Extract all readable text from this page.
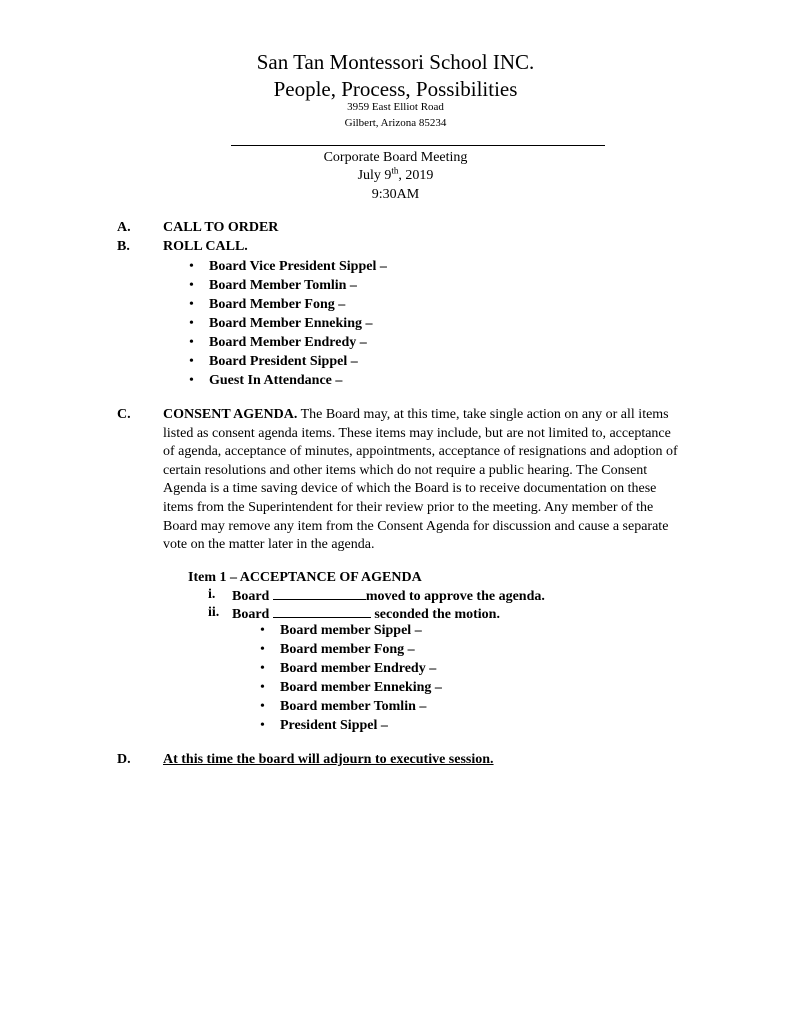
San Tan Montessori School INC.
People, Process, Possibilities
3959 East Elliot Road
Gilbert, Arizona 85234
Corporate Board Meeting
July 9th, 2019
9:30AM
A. CALL TO ORDER
B. ROLL CALL.
•
Board Vice President Sippel –
•
Board Member Tomlin –
•
Board Member Fong –
•
Board Member Enneking –
•
Board Member Endredy –
•
Board President Sippel –
•
Guest In Attendance –
C. CONSENT AGENDA. The Board may, at this time, take single action on any or all items
listed as consent agenda items. These items may include, but are not limited to, acceptance
of agenda, acceptance of minutes, appointments, acceptance of resignations and adoption of
certain resolutions and other items which do not require a public hearing. The Consent
Agenda is a time saving device of which the Board is to receive documentation on these
items from the Superintendent for their review prior to the meeting. Any member of the
Board may remove any item from the Consent Agenda for discussion and cause a separate
vote on the matter later in the agenda.
Item 1 – ACCEPTANCE OF AGENDA
i. Board	moved to approve the agenda.
ii. Board	seconded the motion.
•
Board member Sippel –
•
Board member Fong –
•
Board member Endredy –
•
Board member Enneking –
•
Board member Tomlin –
•
President Sippel –
D. At this time the board will adjourn to executive session.
